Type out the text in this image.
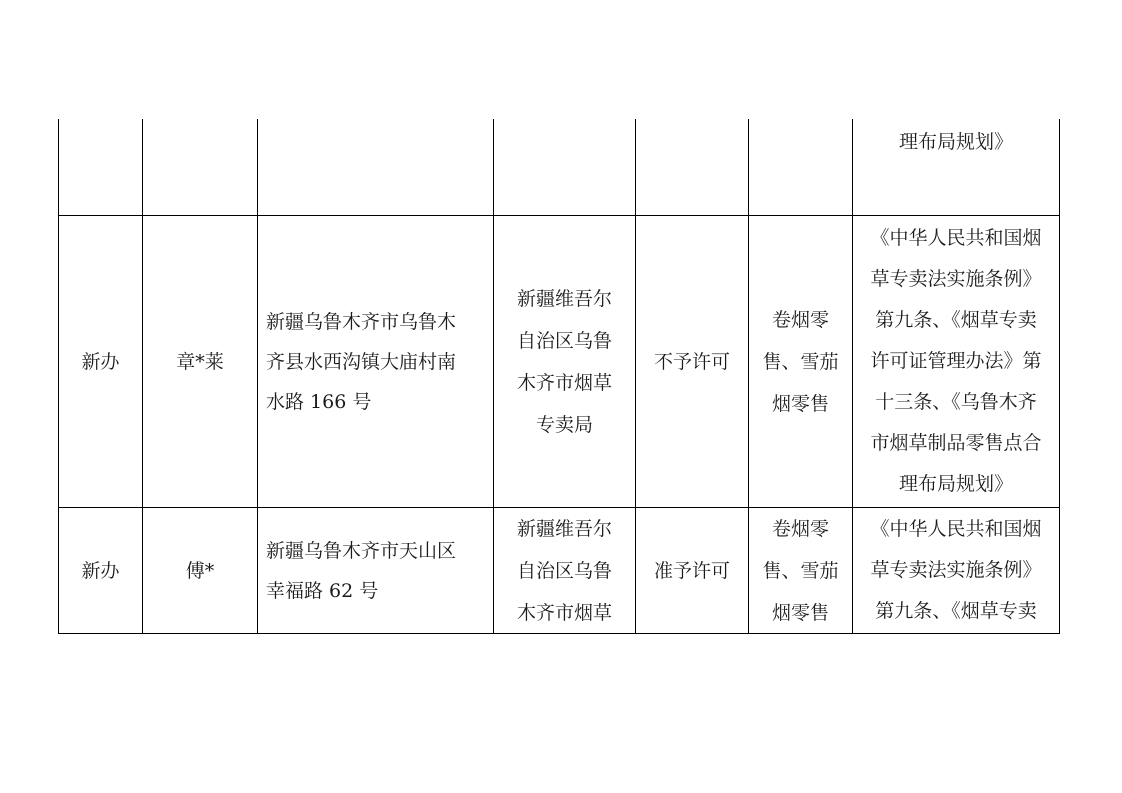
理布局规划》
新办	章*莱
新疆乌鲁木齐市乌鲁木
齐县水西沟镇大庙村南
水路 166 号
新疆维吾尔
自治区乌鲁
木齐市烟草
专卖局
不予许可
卷烟零
售、雪茄
烟零售
《中华人民共和国烟
草专卖法实施条例》
第九条、《烟草专卖
许可证管理办法》第
十三条、《乌鲁木齐
市烟草制品零售点合
理布局规划》
新办	傅*
新疆乌鲁木齐市天山区
幸福路 62 号
新疆维吾尔
自治区乌鲁
木齐市烟草
准予许可
卷烟零
售、雪茄
烟零售
《中华人民共和国烟
草专卖法实施条例》
第九条、《烟草专卖
